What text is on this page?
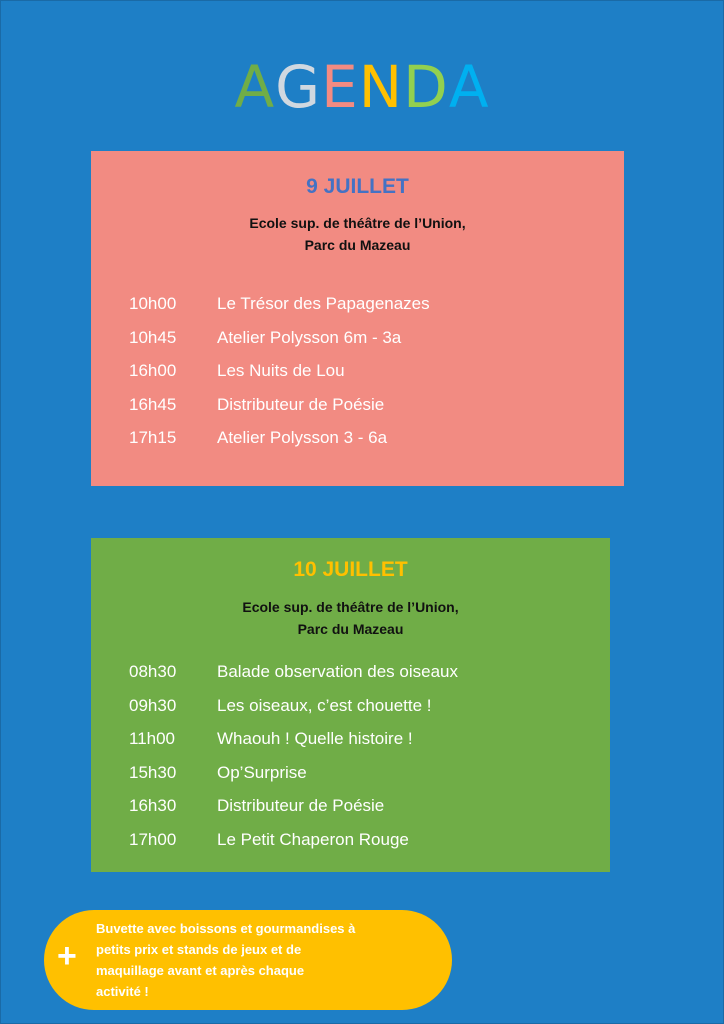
AGENDA
9 JUILLET
Ecole sup. de théâtre de l’Union,
Parc du Mazeau
10h00 Le Trésor des Papagenazes
10h45 Atelier Polysson 6m - 3a
16h00 Les Nuits de Lou
16h45 Distributeur de Poésie
17h15 Atelier Polysson 3 - 6a
10 JUILLET
Ecole sup. de théâtre de l’Union,
Parc du Mazeau
08h30 Balade observation des oiseaux
09h30 Les oiseaux, c’est chouette !
11h00 Whaouh ! Quelle histoire !
15h30 Op’Surprise
16h30 Distributeur de Poésie
17h00 Le Petit Chaperon Rouge
+
Buvette avec boissons et gourmandises à
petits prix et stands de jeux et de
maquillage avant et après chaque
activité !
